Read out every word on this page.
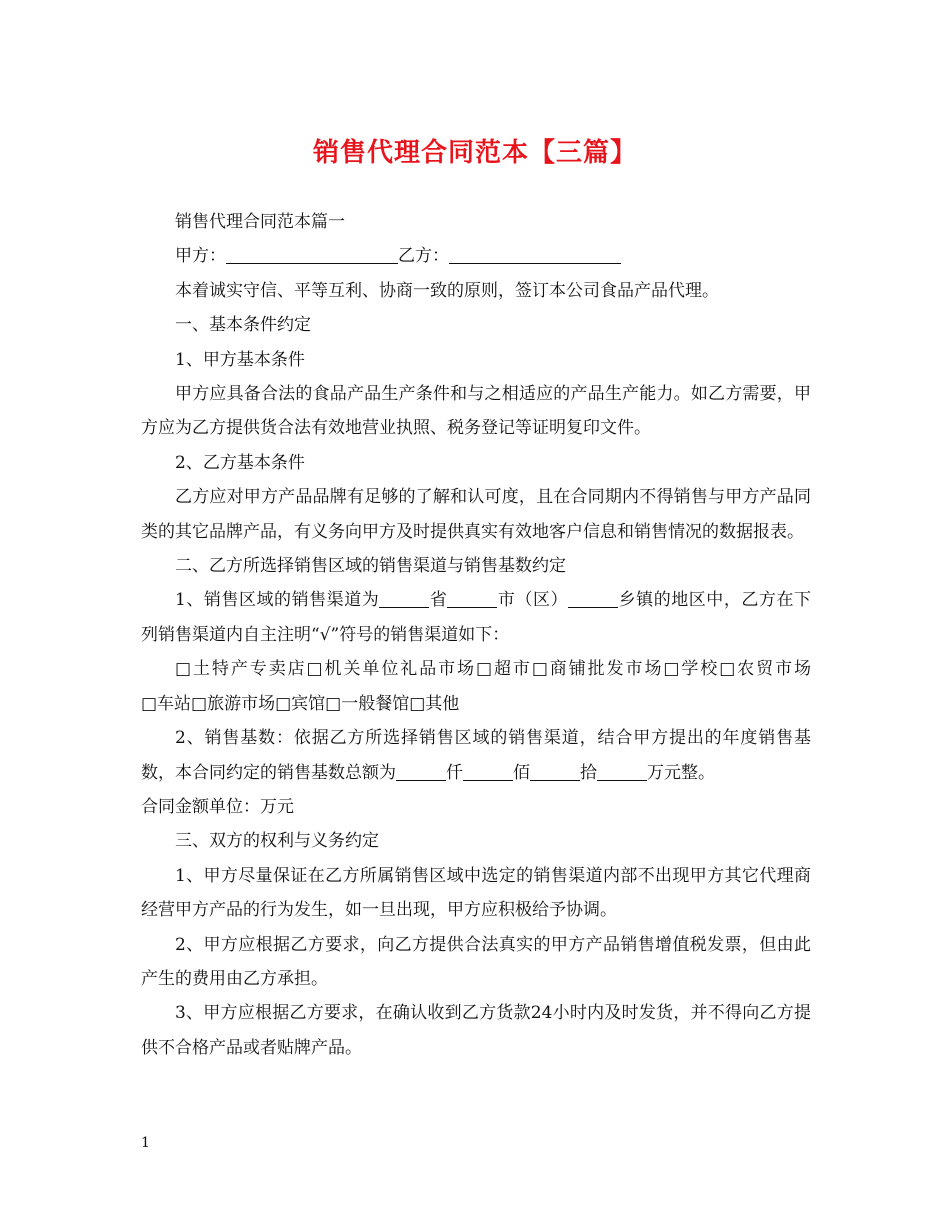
销售代理合同范本【三篇】

销售代理合同范本篇一

甲方：	乙方：

本着诚实守信、平等互利、协商一致的原则，签订本公司食品产品代理。

一、基本条件约定

1、甲方基本条件

甲方应具备合法的食品产品生产条件和与之相适应的产品生产能力。如乙方需要，甲方应为乙方提供货合法有效地营业执照、税务登记等证明复印文件。

2、乙方基本条件

乙方应对甲方产品品牌有足够的了解和认可度，且在合同期内不得销售与甲方产品同类的其它品牌产品，有义务向甲方及时提供真实有效地客户信息和销售情况的数据报表。

二、乙方所选择销售区域的销售渠道与销售基数约定

1、销售区域的销售渠道为	省	市（区）	乡镇的地区中，乙方在下列销售渠道内自主注明“√”符号的销售渠道如下：

□土特产专卖店□机关单位礼品市场□超市□商铺批发市场□学校□农贸市场

□车站□旅游市场□宾馆□一般餐馆□其他

2、销售基数：依据乙方所选择销售区域的销售渠道，结合甲方提出的年度销售基数，本合同约定的销售基数总额为	仟	佰	拾	万元整。

合同金额单位：万元

三、双方的权利与义务约定

1、甲方尽量保证在乙方所属销售区域中选定的销售渠道内部不出现甲方其它代理商经营甲方产品的行为发生，如一旦出现，甲方应积极给予协调。

2、甲方应根据乙方要求，向乙方提供合法真实的甲方产品销售增值税发票，但由此产生的费用由乙方承担。

3、甲方应根据乙方要求，在确认收到乙方货款24小时内及时发货，并不得向乙方提供不合格产品或者贴牌产品。

1
